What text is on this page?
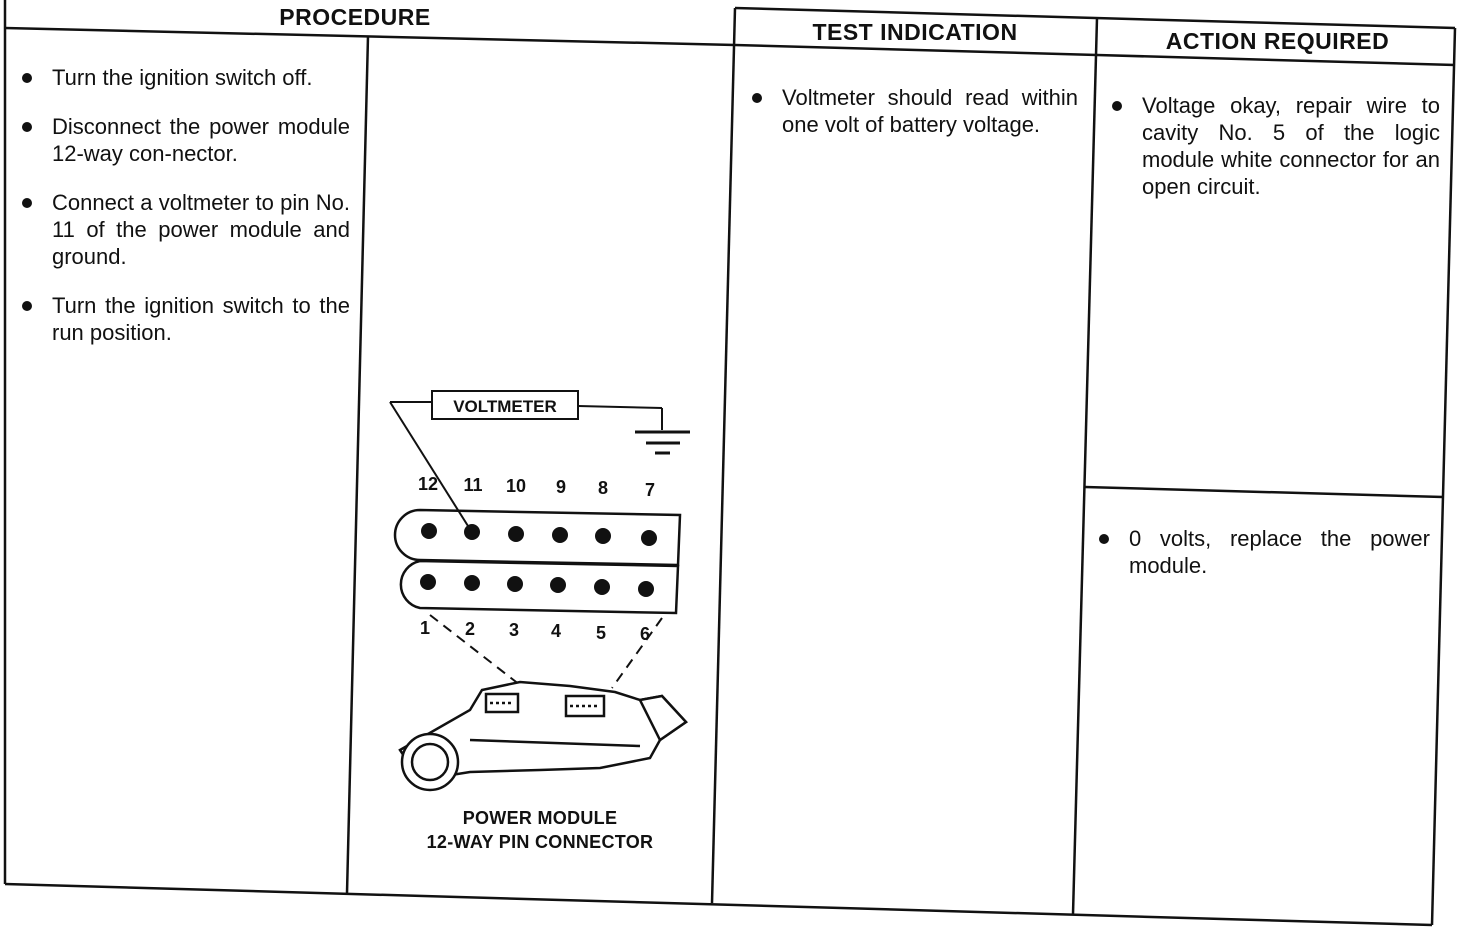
PROCEDURE
TEST INDICATION	ACTION REQUIRED
Turn the ignition switch off.
Disconnect the power module 12-way con-nector.
Connect a voltmeter to pin No. 11 of the power module and ground.
Turn the ignition switch to the run position.
Voltmeter should read within one volt of battery voltage.
Voltage okay, repair wire to cavity No. 5 of the logic module white connector for an open circuit.
0 volts, replace the power module.
VOLTMETER
12 11 10 9 8 7
1 2 3 4 5 6
POWER MODULE
12-WAY PIN CONNECTOR
